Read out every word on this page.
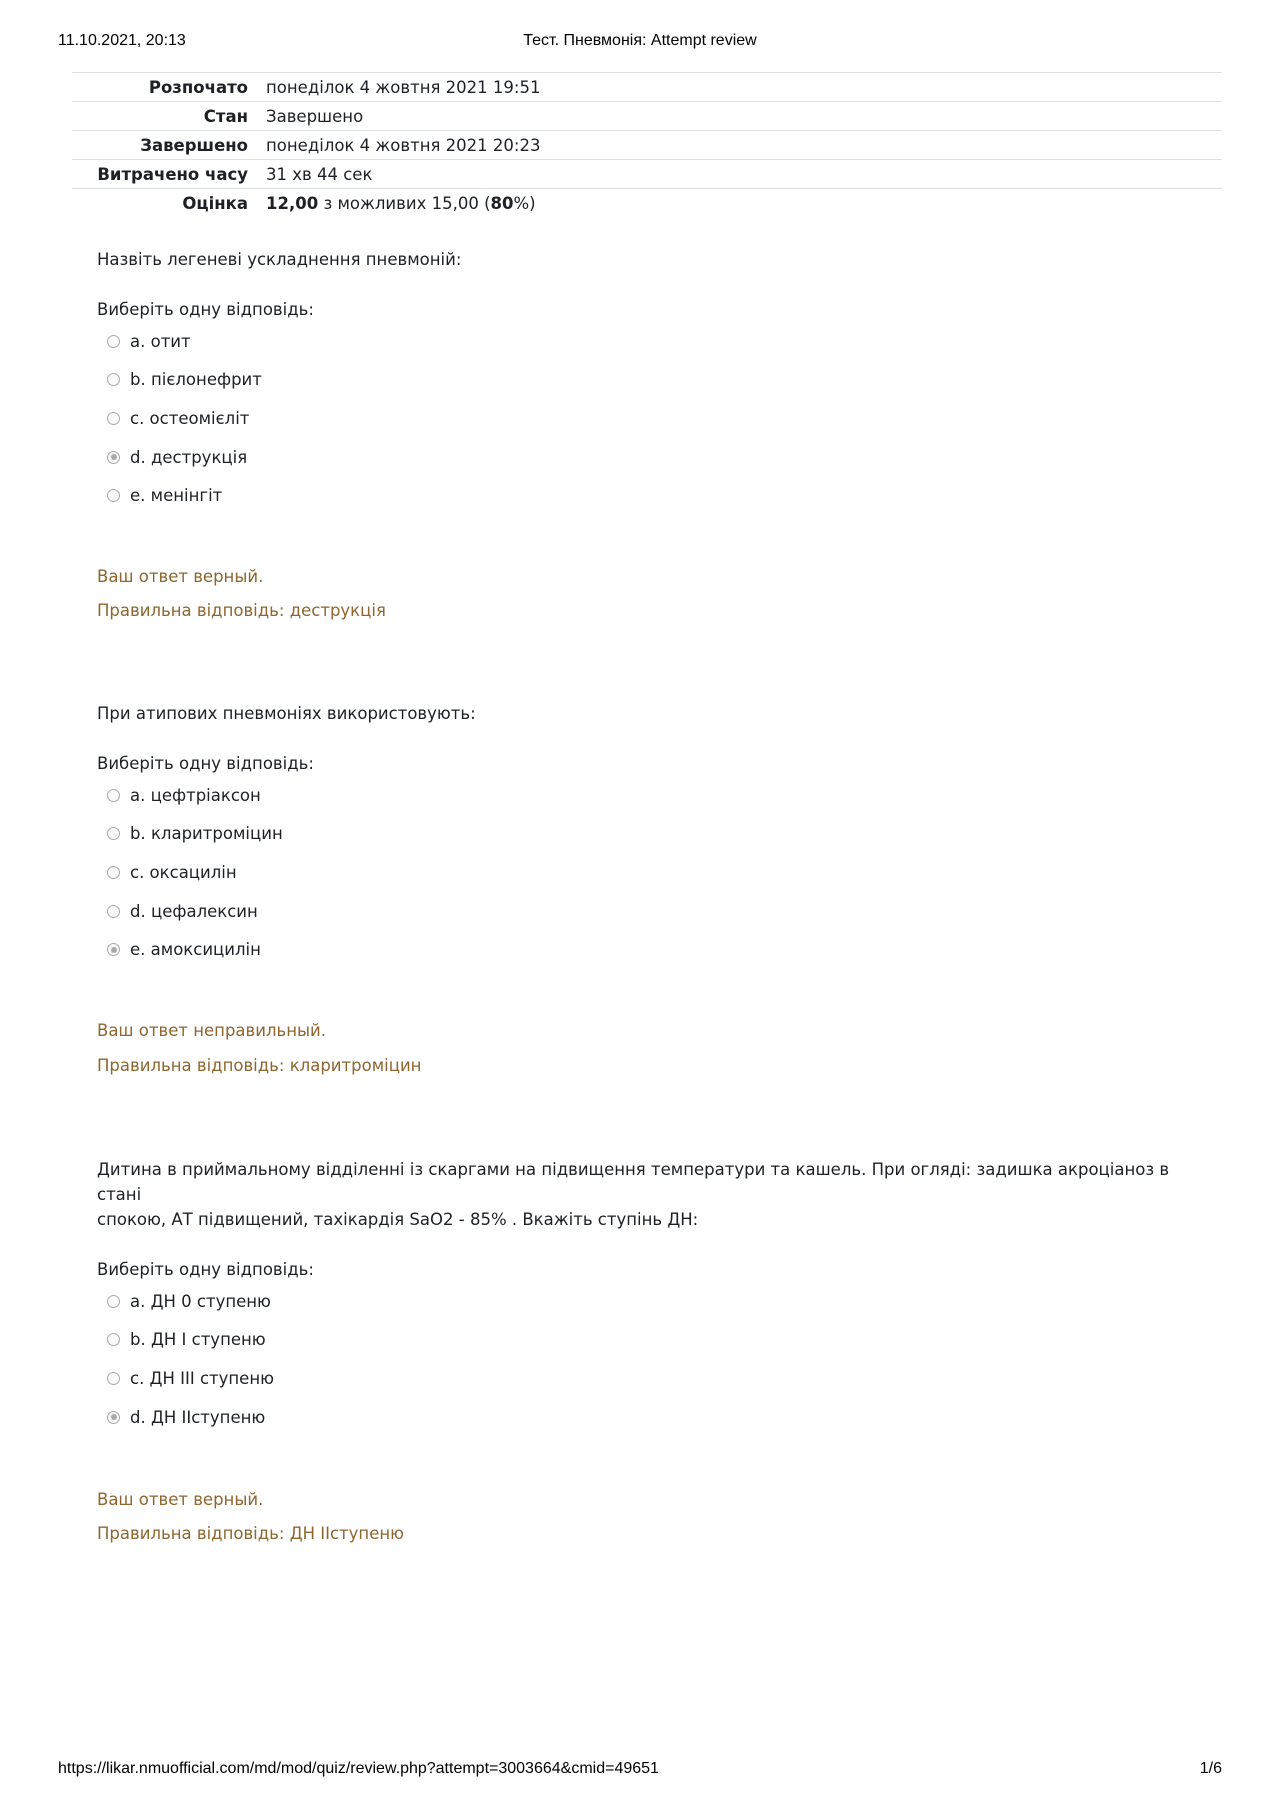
11.10.2021, 20:13	Тест. Пневмонія: Attempt review
Розпочато	понеділок 4 жовтня 2021 19:51
Стан	Завершено
Завершено	понеділок 4 жовтня 2021 20:23
Витрачено часу	31 хв 44 сек
Оцінка	12,00 з можливих 15,00 (80%)

Назвіть легеневі ускладнення пневмоній:

Виберіть одну відповідь:

a. отит
b. пієлонефрит
c. остеомієліт
d. деструкція
e. менінгіт

Ваш ответ верный.

Правильна відповідь: деструкція

При атипових пневмоніях використовують:

Виберіть одну відповідь:

a. цефтріаксон
b. кларитроміцин
c. оксацилін
d. цефалексин
e. амоксицилін

Ваш ответ неправильный.

Правильна відповідь: кларитроміцин

Дитина в приймальному відділенні із скаргами на підвищення температури та кашель. При огляді: задишка акроціаноз в стані
спокою, АТ підвищений, тахікардія SaO2 - 85% . Вкажіть ступінь ДН:

Виберіть одну відповідь:

a. ДН 0 ступеню
b. ДН I ступеню
c. ДН III ступеню
d. ДН IIступеню

Ваш ответ верный.

Правильна відповідь: ДН IIступеню

https://likar.nmuofficial.com/md/mod/quiz/review.php?attempt=3003664&cmid=49651	1/6
